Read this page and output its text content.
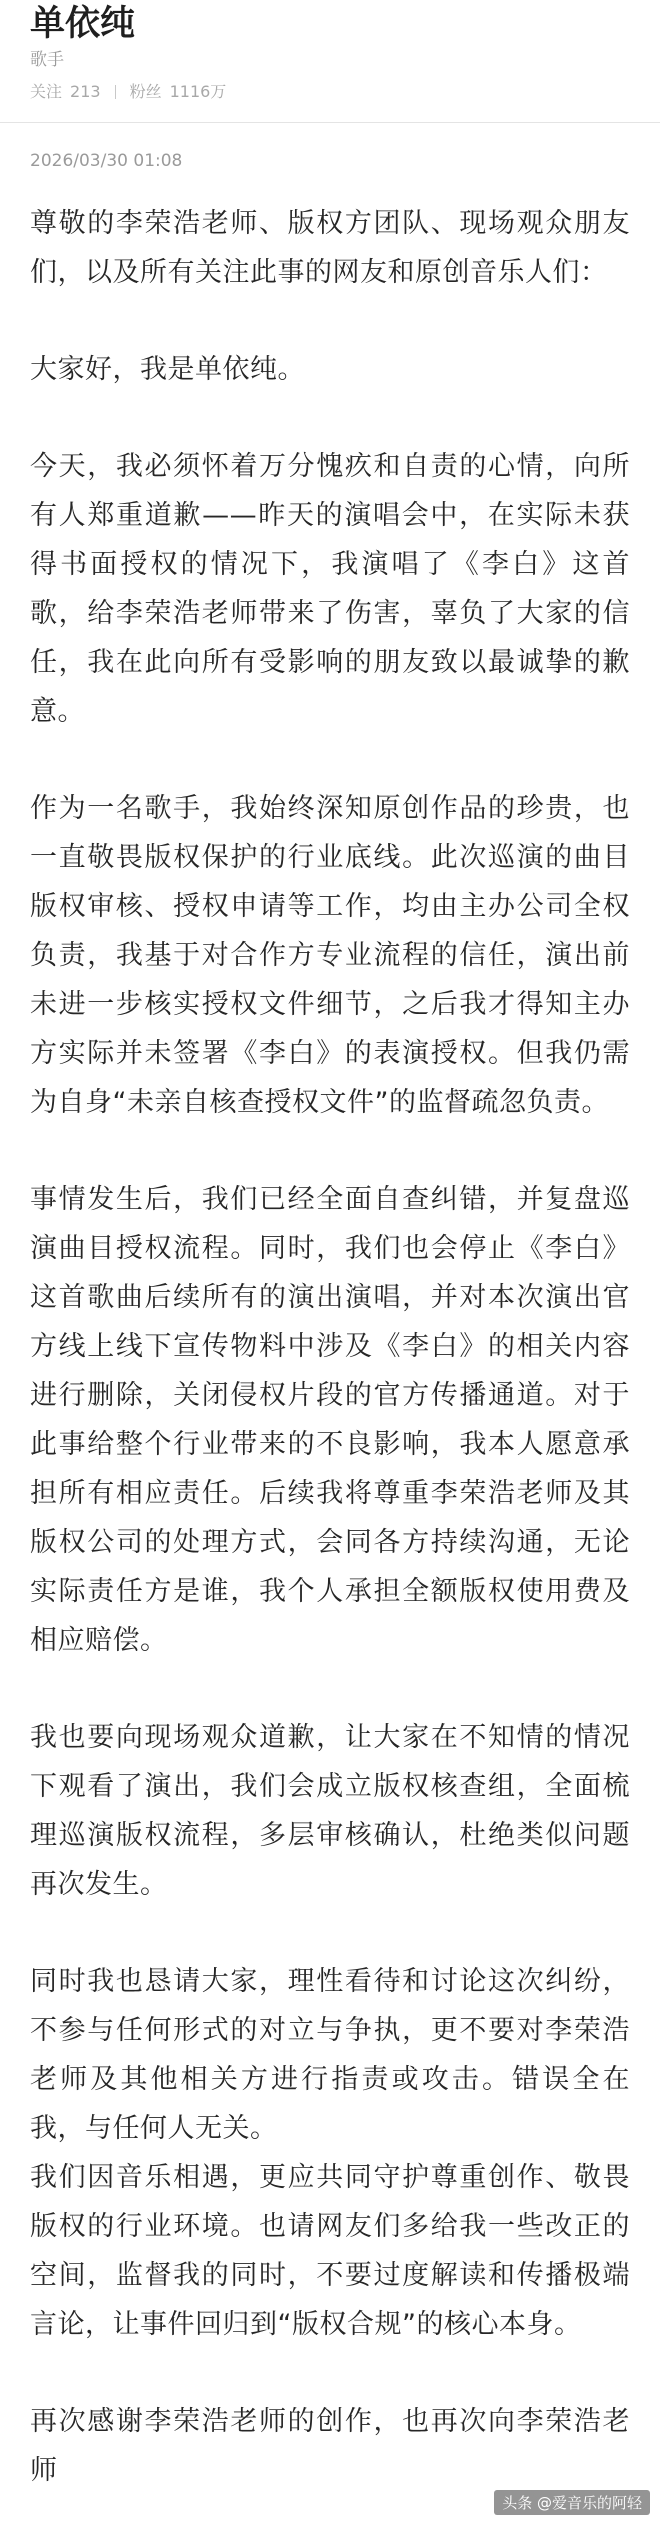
单依纯
歌手
关注 213 粉丝 1116万
2026/03/30 01:08

尊敬的李荣浩老师、版权方团队、现场观众朋友们，以及所有关注此事的网友和原创音乐人们：

大家好，我是单依纯。

今天，我必须怀着万分愧疚和自责的心情，向所有人郑重道歉——昨天的演唱会中，在实际未获得书面授权的情况下，我演唱了《李白》这首歌，给李荣浩老师带来了伤害，辜负了大家的信任，我在此向所有受影响的朋友致以最诚挚的歉意。

作为一名歌手，我始终深知原创作品的珍贵，也一直敬畏版权保护的行业底线。此次巡演的曲目版权审核、授权申请等工作，均由主办公司全权负责，我基于对合作方专业流程的信任，演出前未进一步核实授权文件细节，之后我才得知主办方实际并未签署《李白》的表演授权。但我仍需为自身“未亲自核查授权文件”的监督疏忽负责。

事情发生后，我们已经全面自查纠错，并复盘巡演曲目授权流程。同时，我们也会停止《李白》这首歌曲后续所有的演出演唱，并对本次演出官方线上线下宣传物料中涉及《李白》的相关内容进行删除，关闭侵权片段的官方传播通道。对于此事给整个行业带来的不良影响，我本人愿意承担所有相应责任。后续我将尊重李荣浩老师及其版权公司的处理方式，会同各方持续沟通，无论实际责任方是谁，我个人承担全额版权使用费及相应赔偿。

我也要向现场观众道歉，让大家在不知情的情况下观看了演出，我们会成立版权核查组，全面梳理巡演版权流程，多层审核确认，杜绝类似问题再次发生。

同时我也恳请大家，理性看待和讨论这次纠纷，不参与任何形式的对立与争执，更不要对李荣浩老师及其他相关方进行指责或攻击。错误全在我，与任何人无关。

我们因音乐相遇，更应共同守护尊重创作、敬畏版权的行业环境。也请网友们多给我一些改正的空间，监督我的同时，不要过度解读和传播极端言论，让事件回归到“版权合规”的核心本身。

再次感谢李荣浩老师的创作，也再次向李荣浩老师

头条 @爱音乐的阿轻
